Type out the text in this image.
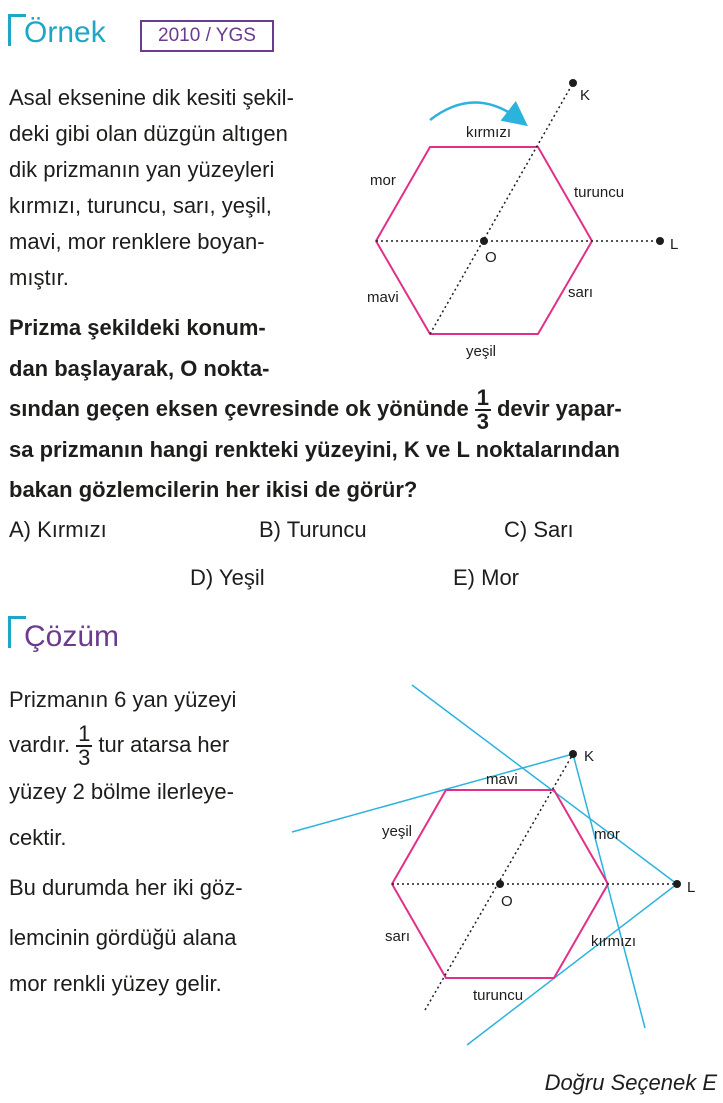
Örnek	2010 / YGS
Asal eksenine dik kesiti şekil-
deki gibi olan düzgün altıgen
dik prizmanın yan yüzeyleri
kırmızı, turuncu, sarı, yeşil,
mavi, mor renklere boyan-
mıştır.
Prizma şekildeki konum-
dan başlayarak, O nokta-
sından geçen eksen çevresinde ok yönünde $\frac{1}{3}$ devir yapar-
sa prizmanın hangi renkteki yüzeyini, K ve L noktalarından
bakan gözlemcilerin her ikisi de görür?
A) Kırmızı	B) Turuncu	C) Sarı
D) Yeşil	E) Mor
O
K
L
kırmızı
turuncu
sarı
yeşil
mavi
mor
Çözüm
Prizmanın 6 yan yüzeyi
vardır. $\frac{1}{3}$ tur atarsa her
yüzey 2 bölme ilerleye-
cektir.
Bu durumda her iki göz-
lemcinin gördüğü alana
mor renkli yüzey gelir.
O
K
L
mavi
mor
kırmızı
turuncu
sarı
yeşil
Doğru Seçenek E
